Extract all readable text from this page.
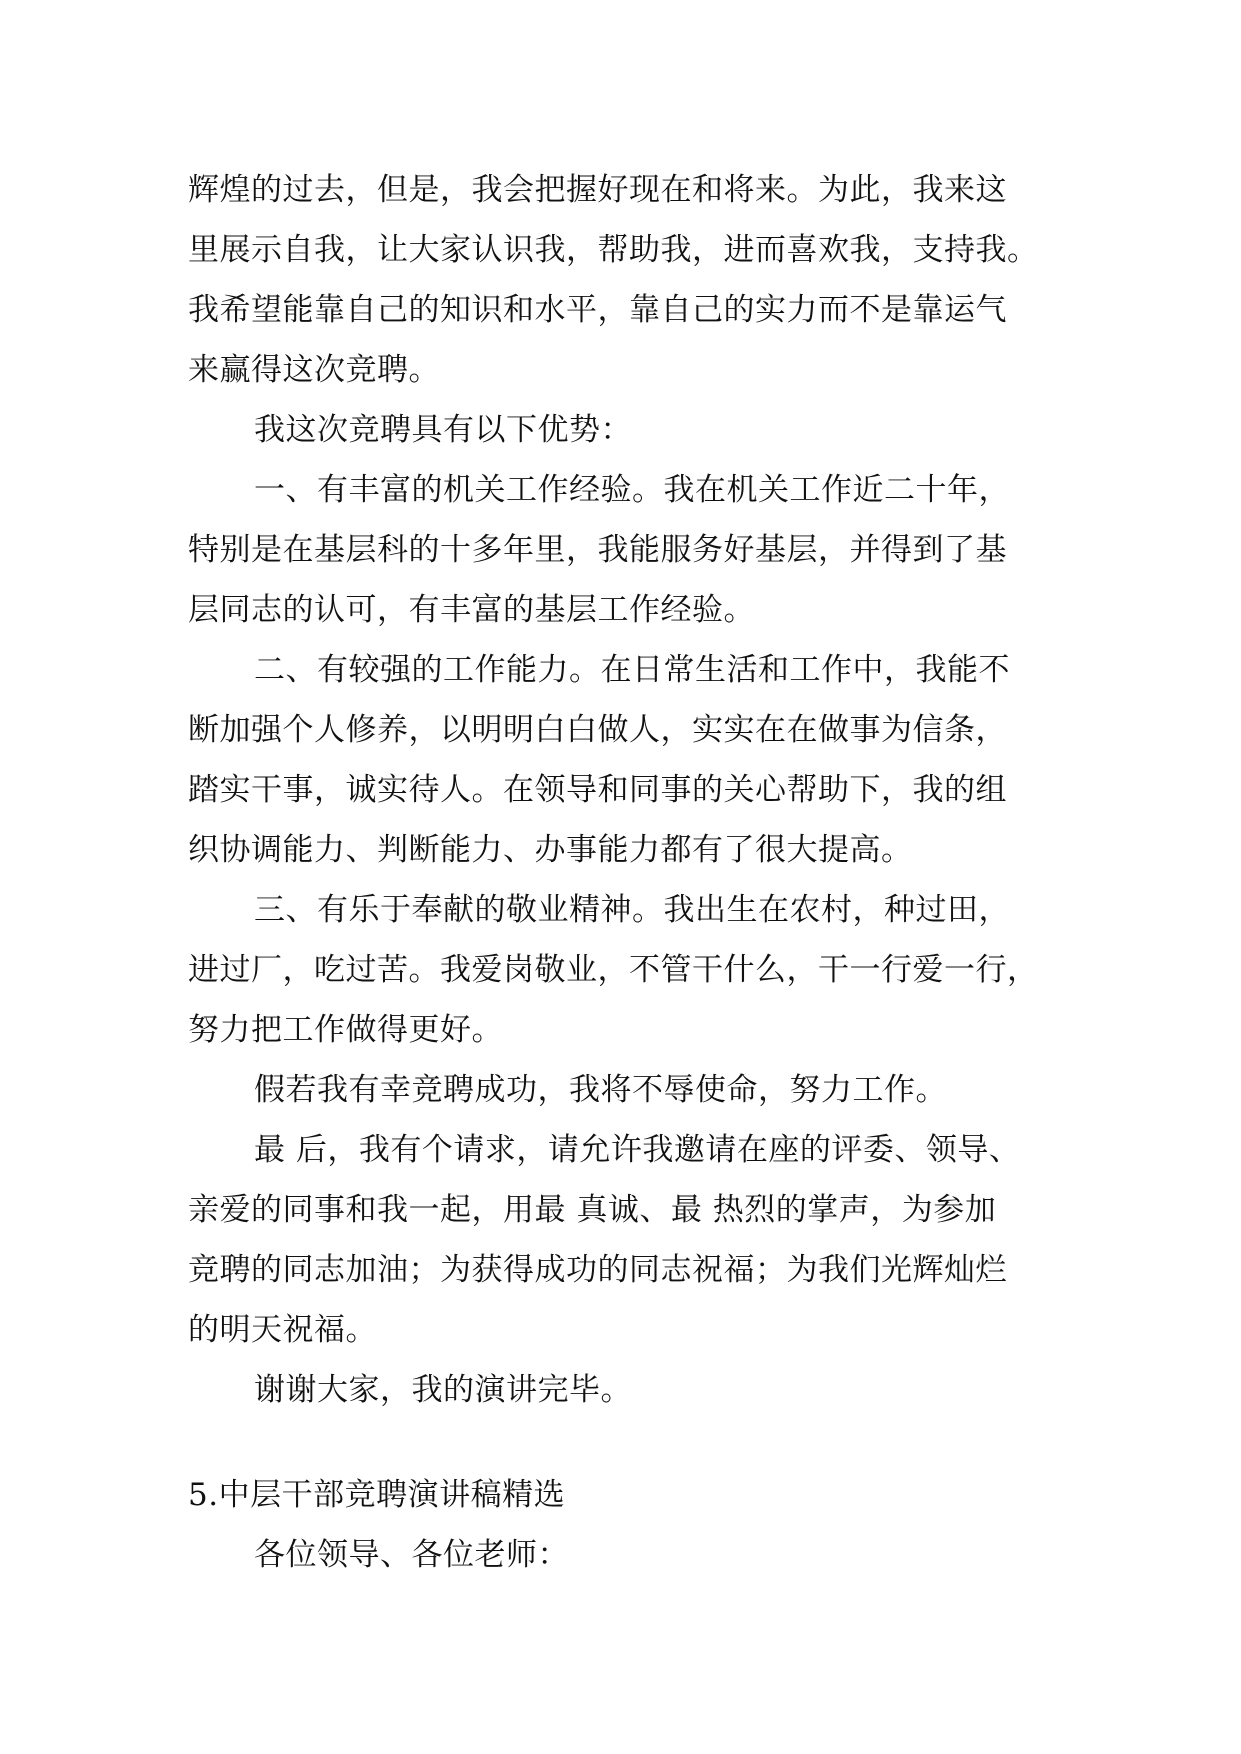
辉煌的过去，但是，我会把握好现在和将来。为此，我来这
里展示自我，让大家认识我，帮助我，进而喜欢我，支持我。
我希望能靠自己的知识和水平，靠自己的实力而不是靠运气
来赢得这次竞聘。
我这次竞聘具有以下优势：
一、有丰富的机关工作经验。我在机关工作近二十年，
特别是在基层科的十多年里，我能服务好基层，并得到了基
层同志的认可，有丰富的基层工作经验。
二、有较强的工作能力。在日常生活和工作中，我能不
断加强个人修养，以明明白白做人，实实在在做事为信条，
踏实干事，诚实待人。在领导和同事的关心帮助下，我的组
织协调能力、判断能力、办事能力都有了很大提高。
三、有乐于奉献的敬业精神。我出生在农村，种过田，
进过厂，吃过苦。我爱岗敬业，不管干什么，干一行爱一行，
努力把工作做得更好。
假若我有幸竞聘成功，我将不辱使命，努力工作。
最 后，我有个请求，请允许我邀请在座的评委、领导、
亲爱的同事和我一起，用最 真诚、最 热烈的掌声，为参加
竞聘的同志加油；为获得成功的同志祝福；为我们光辉灿烂
的明天祝福。
谢谢大家，我的演讲完毕。
5.中层干部竞聘演讲稿精选
各位领导、各位老师：
